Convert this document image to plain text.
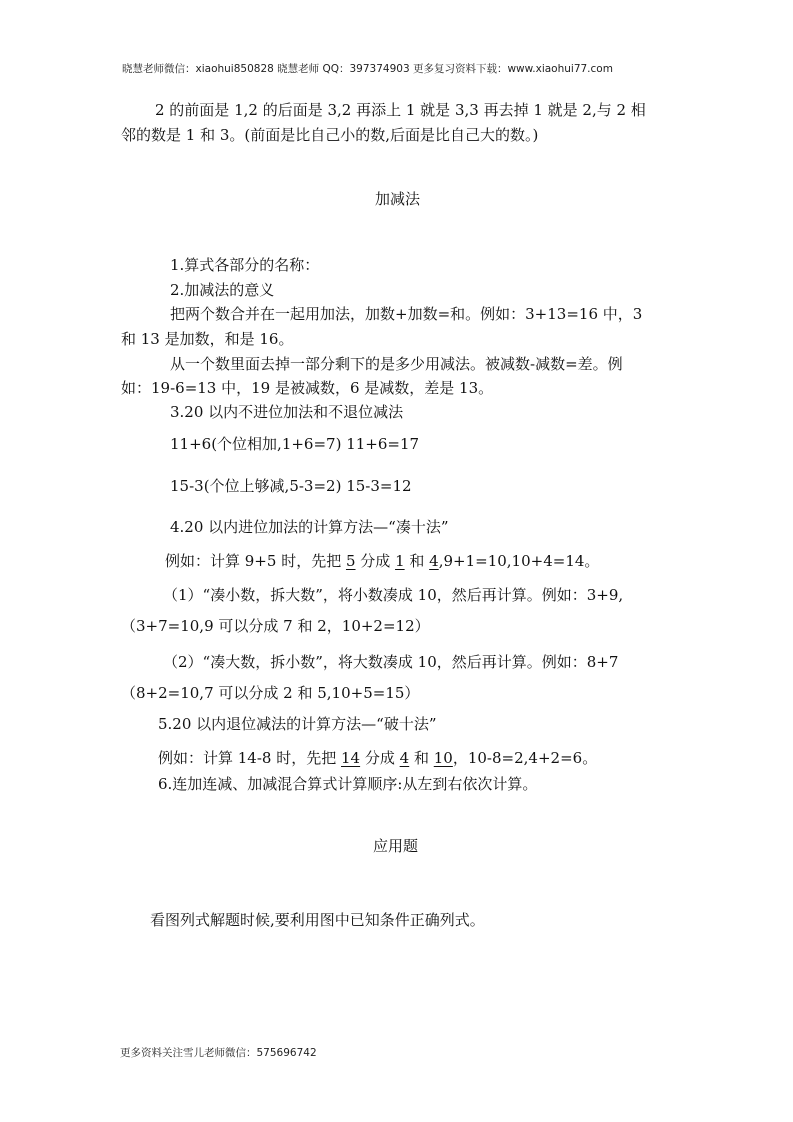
晓慧老师微信：xiaohui850828 晓慧老师 QQ：397374903 更多复习资料下载：www.xiaohui77.com
2 的前面是 1,2 的后面是 3,2 再添上 1 就是 3,3 再去掉 1 就是 2,与 2 相
邻的数是 1 和 3。(前面是比自己小的数,后面是比自己大的数。)
加减法
1.算式各部分的名称：
2.加减法的意义
把两个数合并在一起用加法，加数+加数=和。例如：3+13=16 中，3
和 13 是加数，和是 16。
从一个数里面去掉一部分剩下的是多少用减法。被减数-减数=差。例
如：19-6=13 中，19 是被减数，6 是减数，差是 13。
3.20 以内不进位加法和不退位减法
11+6(个位相加,1+6=7) 11+6=17
15-3(个位上够减,5-3=2) 15-3=12
4.20 以内进位加法的计算方法—“凑十法”
例如：计算 9+5 时，先把 5 分成 1 和 4,9+1=10,10+4=14。
（1）“凑小数，拆大数”，将小数凑成 10，然后再计算。例如：3+9,
（3+7=10,9 可以分成 7 和 2，10+2=12）
（2）“凑大数，拆小数”，将大数凑成 10，然后再计算。例如：8+7
（8+2=10,7 可以分成 2 和 5,10+5=15）
5.20 以内退位减法的计算方法—“破十法”
例如：计算 14-8 时，先把 14 分成 4 和 10，10-8=2,4+2=6。
6.连加连减、加减混合算式计算顺序:从左到右依次计算。
应用题
看图列式解题时候,要利用图中已知条件正确列式。
更多资料关注雪儿老师微信：575696742
